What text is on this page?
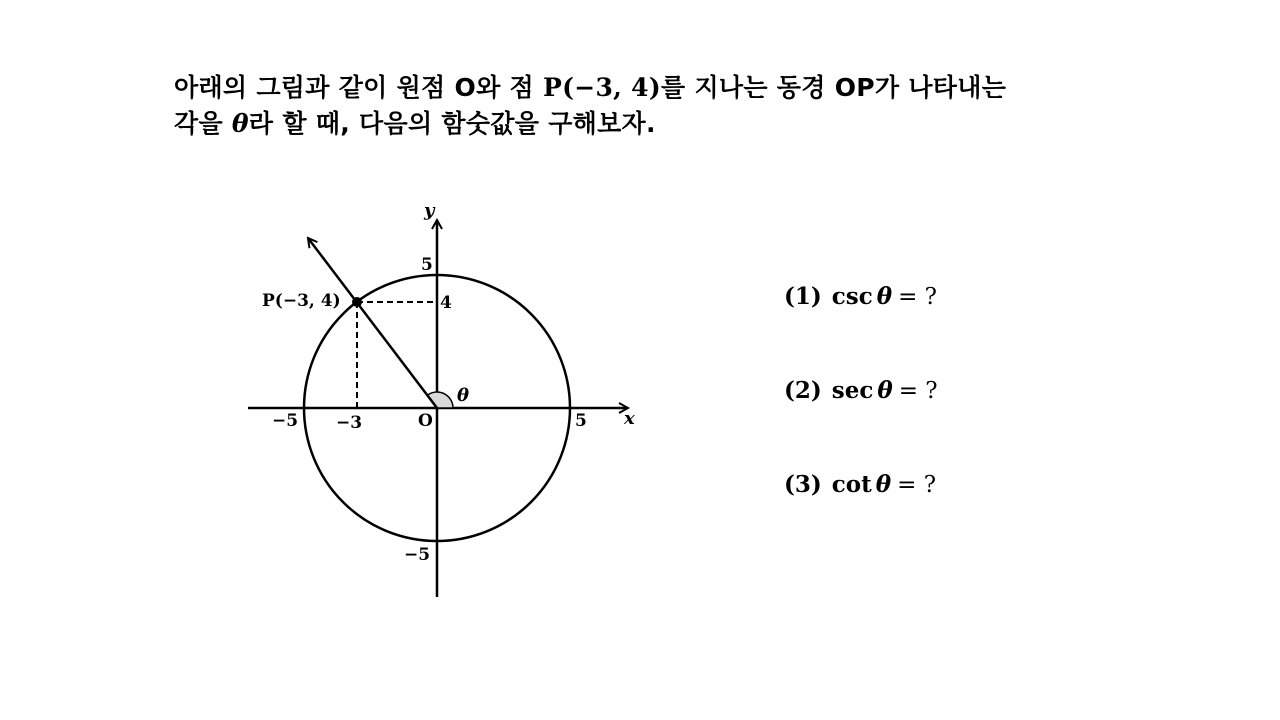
아래의 그림과 같이 원점 O와 점 P(−3, 4)를 지나는 동경 OP가 나타내는
각을 θ라 할 때, 다음의 함숫값을 구해보자.
P(−3, 4)
y
x
O
θ
5
4
−5 −3	5
−5
(1) csc θ = ?
(2) sec θ = ?
(3) cot θ = ?
